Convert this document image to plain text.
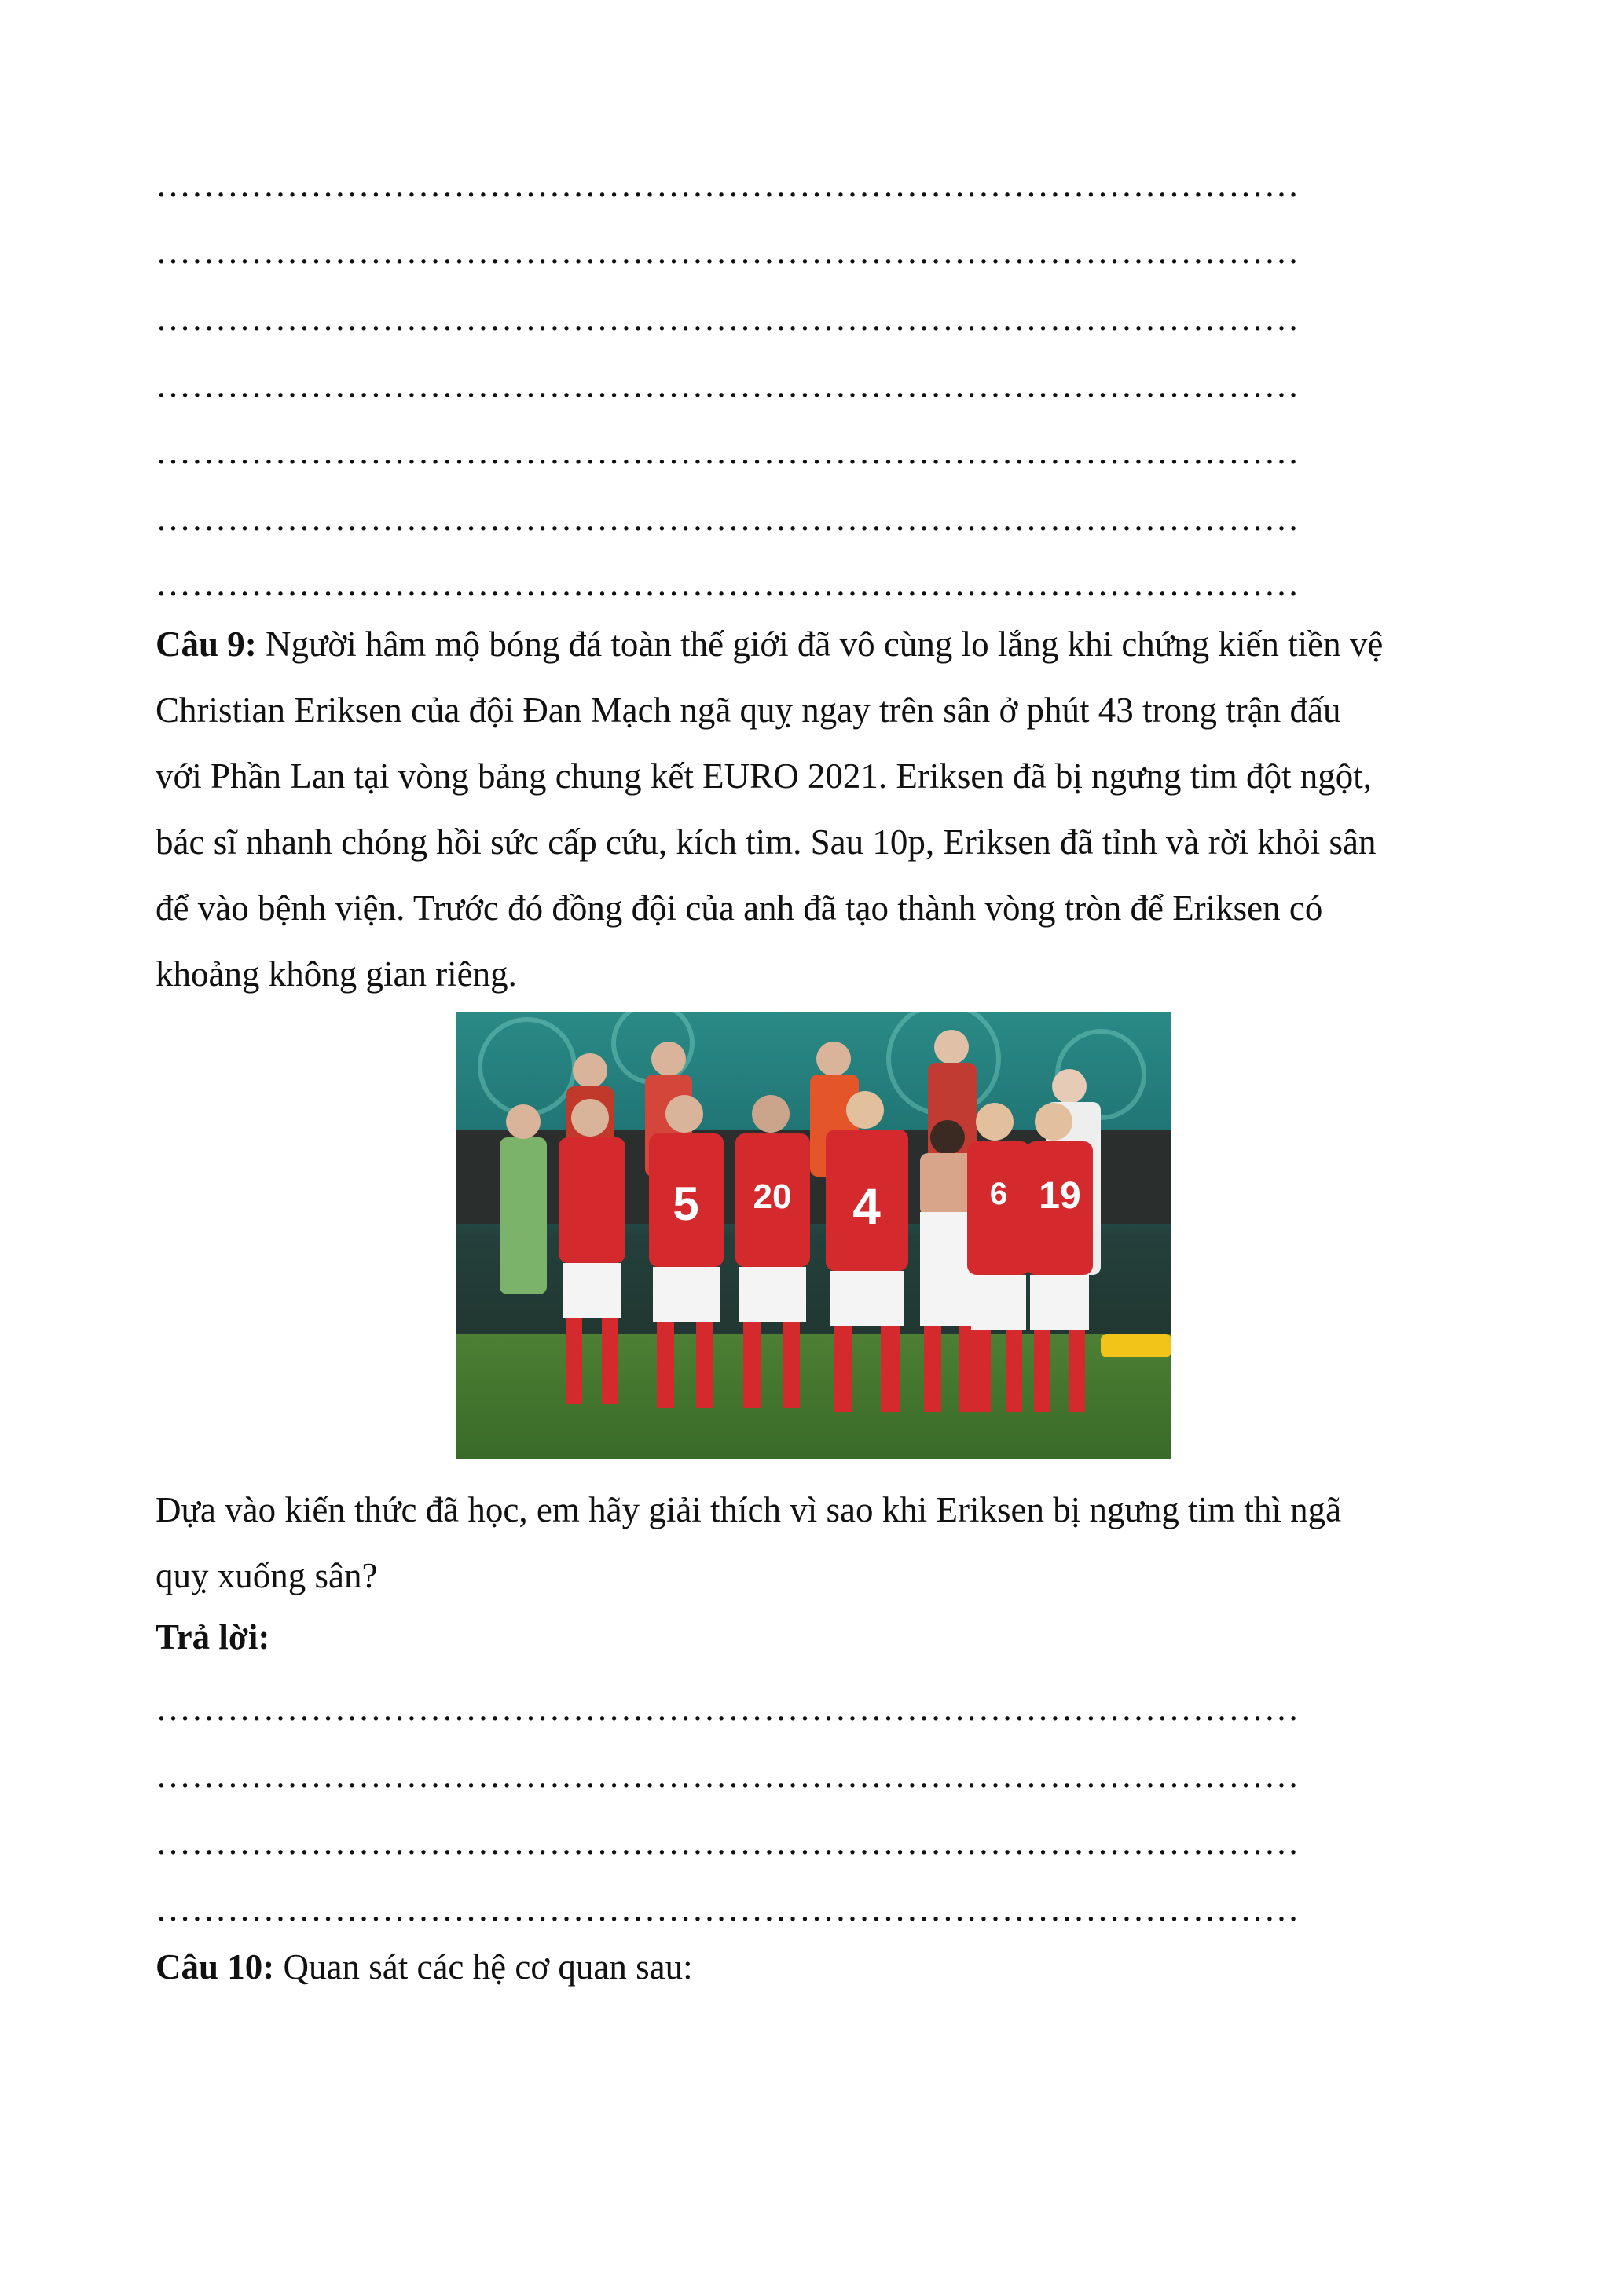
……………………………………………………………………………………
……………………………………………………………………………………
……………………………………………………………………………………
……………………………………………………………………………………
……………………………………………………………………………………
……………………………………………………………………………………
……………………………………………………………………………………
Câu 9: Người hâm mộ bóng đá toàn thế giới đã vô cùng lo lắng khi chứng kiến tiền vệ
Christian Eriksen của đội Đan Mạch ngã quỵ ngay trên sân ở phút 43 trong trận đấu
với Phần Lan tại vòng bảng chung kết EURO 2021. Eriksen đã bị ngưng tim đột ngột,
bác sĩ nhanh chóng hồi sức cấp cứu, kích tim. Sau 10p, Eriksen đã tỉnh và rời khỏi sân
để vào bệnh viện. Trước đó đồng đội của anh đã tạo thành vòng tròn để Eriksen có
khoảng không gian riêng.
5 20 4	6 19
Dựa vào kiến thức đã học, em hãy giải thích vì sao khi Eriksen bị ngưng tim thì ngã
quỵ xuống sân?
Trả lời:
……………………………………………………………………………………
……………………………………………………………………………………
……………………………………………………………………………………
……………………………………………………………………………………
Câu 10: Quan sát các hệ cơ quan sau:
